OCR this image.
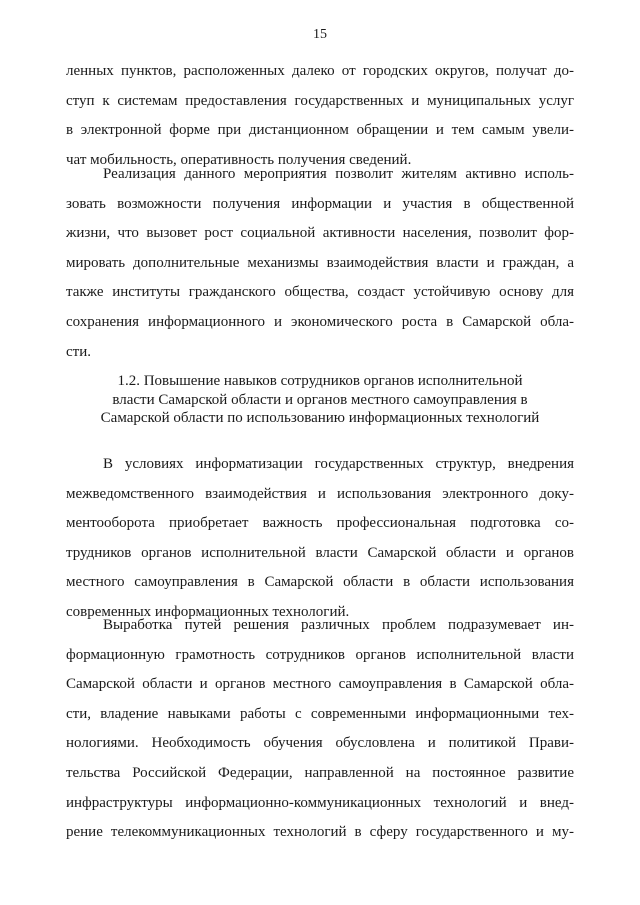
15
ленных пунктов, расположенных далеко от городских округов, получат до-
ступ к системам предоставления государственных и муниципальных услуг
в электронной форме при дистанционном обращении и тем самым увели-
чат мобильность, оперативность получения сведений.
Реализация данного мероприятия позволит жителям активно исполь-
зовать возможности получения информации и участия в общественной
жизни, что вызовет рост социальной активности населения, позволит фор-
мировать дополнительные механизмы взаимодействия власти и граждан, а
также институты гражданского общества, создаст устойчивую основу для
сохранения информационного и экономического роста в Самарской обла-
сти.
1.2. Повышение навыков сотрудников органов исполнительной
власти Самарской области и органов местного самоуправления в
Самарской области по использованию информационных технологий
В условиях информатизации государственных структур, внедрения
межведомственного взаимодействия и использования электронного доку-
ментооборота приобретает важность профессиональная подготовка со-
трудников органов исполнительной власти Самарской области и органов
местного самоуправления в Самарской области в области использования
современных информационных технологий.
Выработка путей решения различных проблем подразумевает ин-
формационную грамотность сотрудников органов исполнительной власти
Самарской области и органов местного самоуправления в Самарской обла-
сти, владение навыками работы с современными информационными тех-
нологиями. Необходимость обучения обусловлена и политикой Прави-
тельства Российской Федерации, направленной на постоянное развитие
инфраструктуры информационно-коммуникационных технологий и внед-
рение телекоммуникационных технологий в сферу государственного и му-
